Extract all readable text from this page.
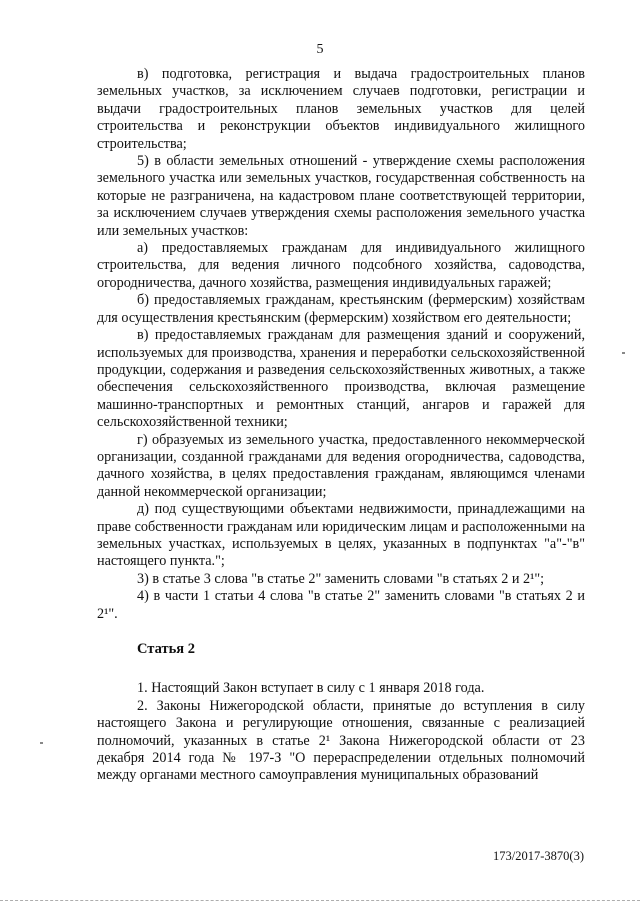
5

в) подготовка, регистрация и выдача градостроительных планов земельных участков, за исключением случаев подготовки, регистрации и выдачи градостроительных планов земельных участков для целей строительства и реконструкции объектов индивидуального жилищного строительства;

5) в области земельных отношений - утверждение схемы расположения земельного участка или земельных участков, государственная собственность на которые не разграничена, на кадастровом плане соответствующей территории, за исключением случаев утверждения схемы расположения земельного участка или земельных участков:

а) предоставляемых гражданам для индивидуального жилищного строительства, для ведения личного подсобного хозяйства, садоводства, огородничества, дачного хозяйства, размещения индивидуальных гаражей;

б) предоставляемых гражданам, крестьянским (фермерским) хозяйствам для осуществления крестьянским (фермерским) хозяйством его деятельности;

в) предоставляемых гражданам для размещения зданий и сооружений, используемых для производства, хранения и переработки сельскохозяйственной продукции, содержания и разведения сельскохозяйственных животных, а также обеспечения сельскохозяйственного производства, включая размещение машинно-транспортных и ремонтных станций, ангаров и гаражей для сельскохозяйственной техники;

г) образуемых из земельного участка, предоставленного некоммерческой организации, созданной гражданами для ведения огородничества, садоводства, дачного хозяйства, в целях предоставления гражданам, являющимся членами данной некоммерческой организации;

д) под существующими объектами недвижимости, принадлежащими на праве собственности гражданам или юридическим лицам и расположенными на земельных участках, используемых в целях, указанных в подпунктах "а"-"в" настоящего пункта.";

3) в статье 3 слова "в статье 2" заменить словами "в статьях 2 и 2¹";

4) в части 1 статьи 4 слова "в статье 2" заменить словами "в статьях 2 и 2¹".

Статья 2

1. Настоящий Закон вступает в силу с 1 января 2018 года.

2. Законы Нижегородской области, принятые до вступления в силу настоящего Закона и регулирующие отношения, связанные с реализацией полномочий, указанных в статье 2¹ Закона Нижегородской области от 23 декабря 2014 года № 197-З "О перераспределении отдельных полномочий между органами местного самоуправления муниципальных образований

173/2017-3870(3)
